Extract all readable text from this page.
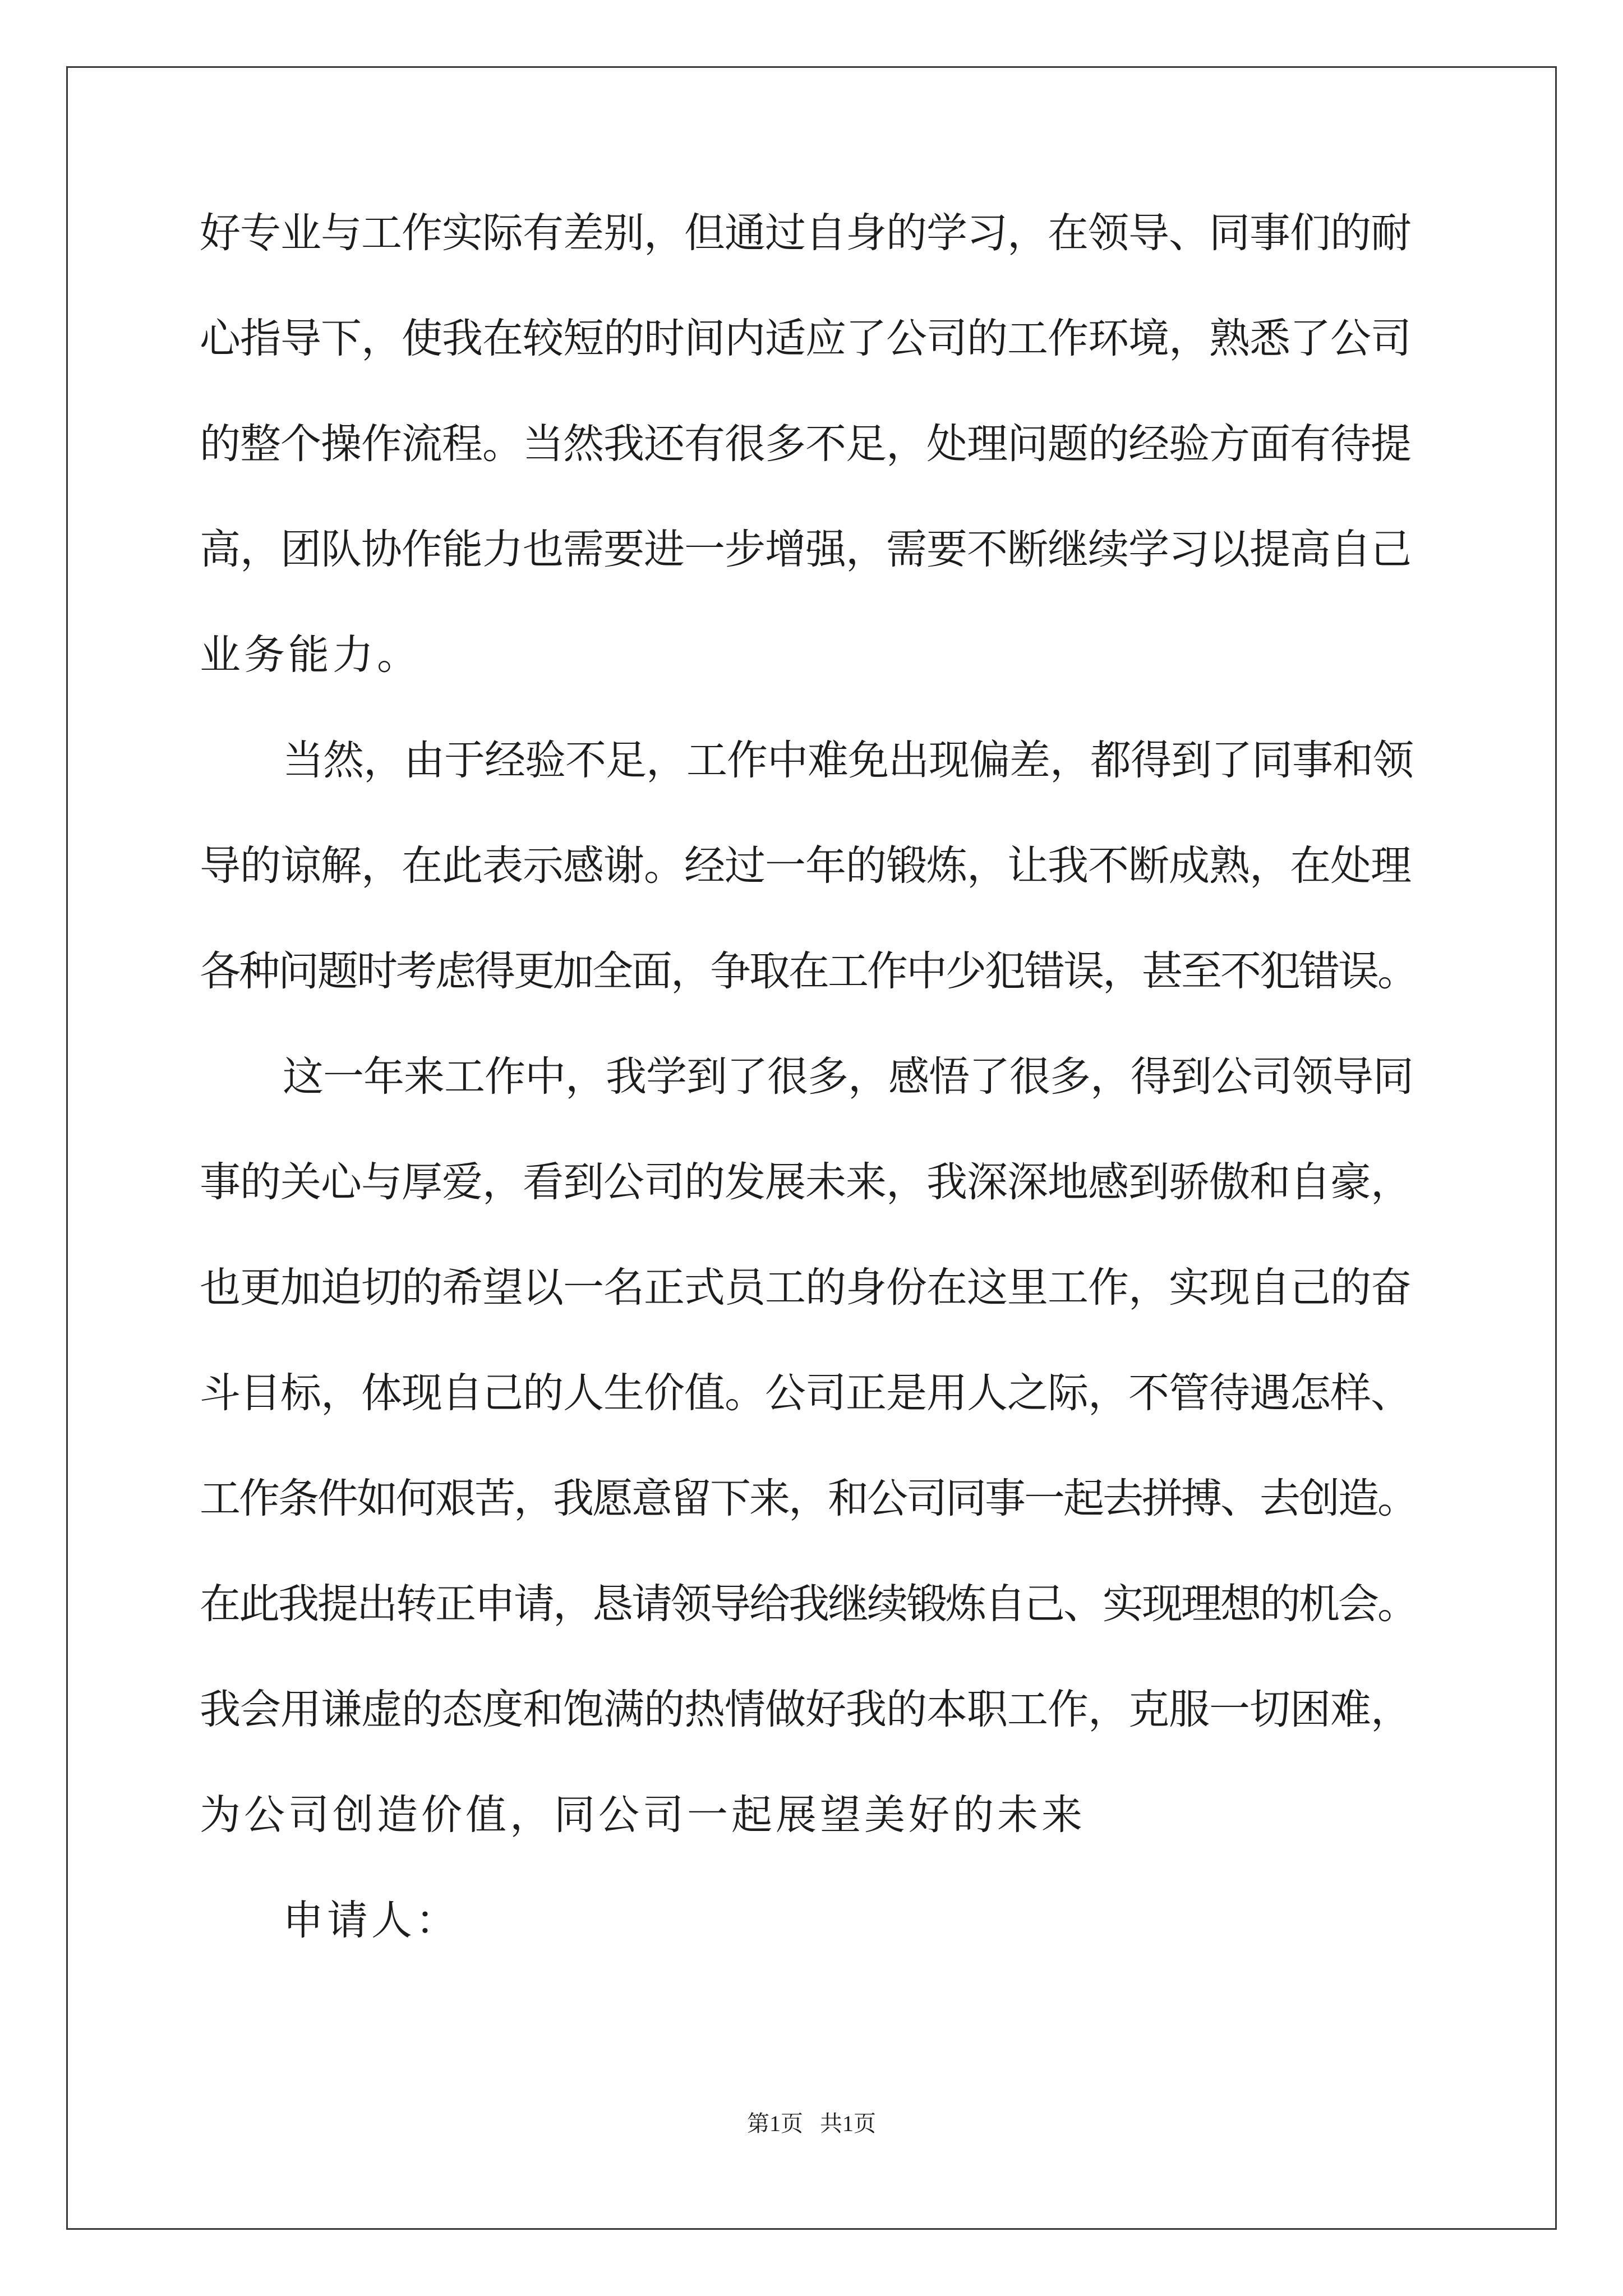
好专业与工作实际有差别，但通过自身的学习，在领导、同事们的耐
心指导下，使我在较短的时间内适应了公司的工作环境，熟悉了公司
的整个操作流程。当然我还有很多不足，处理问题的经验方面有待提
高，团队协作能力也需要进一步增强，需要不断继续学习以提高自己
业务能力。
当然，由于经验不足，工作中难免出现偏差，都得到了同事和领
导的谅解，在此表示感谢。经过一年的锻炼，让我不断成熟，在处理
各种问题时考虑得更加全面，争取在工作中少犯错误，甚至不犯错误。
这一年来工作中，我学到了很多，感悟了很多，得到公司领导同
事的关心与厚爱，看到公司的发展未来，我深深地感到骄傲和自豪，
也更加迫切的希望以一名正式员工的身份在这里工作，实现自己的奋
斗目标，体现自己的人生价值。公司正是用人之际，不管待遇怎样、
工作条件如何艰苦，我愿意留下来，和公司同事一起去拼搏、去创造。
在此我提出转正申请，恳请领导给我继续锻炼自己、实现理想的机会。
我会用谦虚的态度和饱满的热情做好我的本职工作，克服一切困难，
为公司创造价值，同公司一起展望美好的未来
申请人：
第1页   共1页
